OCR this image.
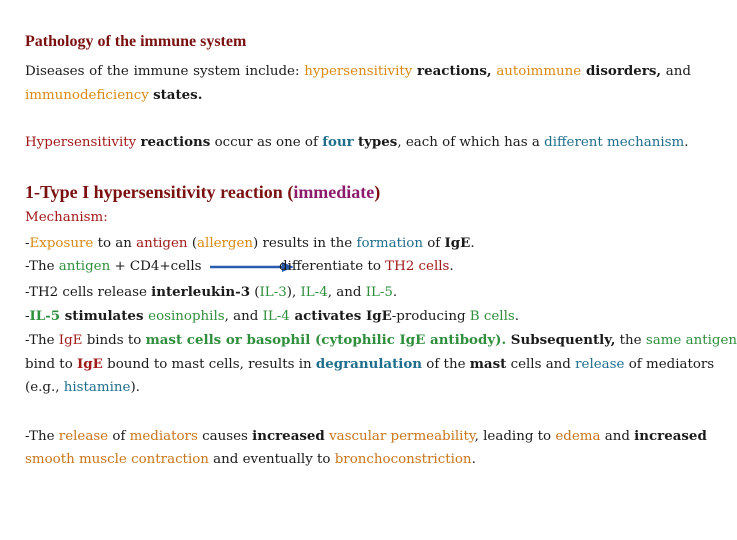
Pathology of the immune system
Diseases of the immune system include: hypersensitivity reactions, autoimmune disorders, and
immunodeficiency states.
Hypersensitivity reactions occur as one of four types, each of which has a different mechanism.
1-Type I hypersensitivity reaction (immediate)
Mechanism:
-Exposure to an antigen (allergen) results in the formation of IgE.
-The antigen + CD4+cells	differentiate to TH2 cells.
-TH2 cells release interleukin-3 (IL-3), IL-4, and IL-5.
-IL-5 stimulates eosinophils, and IL-4 activates IgE-producing B cells.
-The IgE binds to mast cells or basophil (cytophilic IgE antibody). Subsequently, the same antigen
bind to IgE bound to mast cells, results in degranulation of the mast cells and release of mediators
(e.g., histamine).
-The release of mediators causes increased vascular permeability, leading to edema and increased
smooth muscle contraction and eventually to bronchoconstriction.
